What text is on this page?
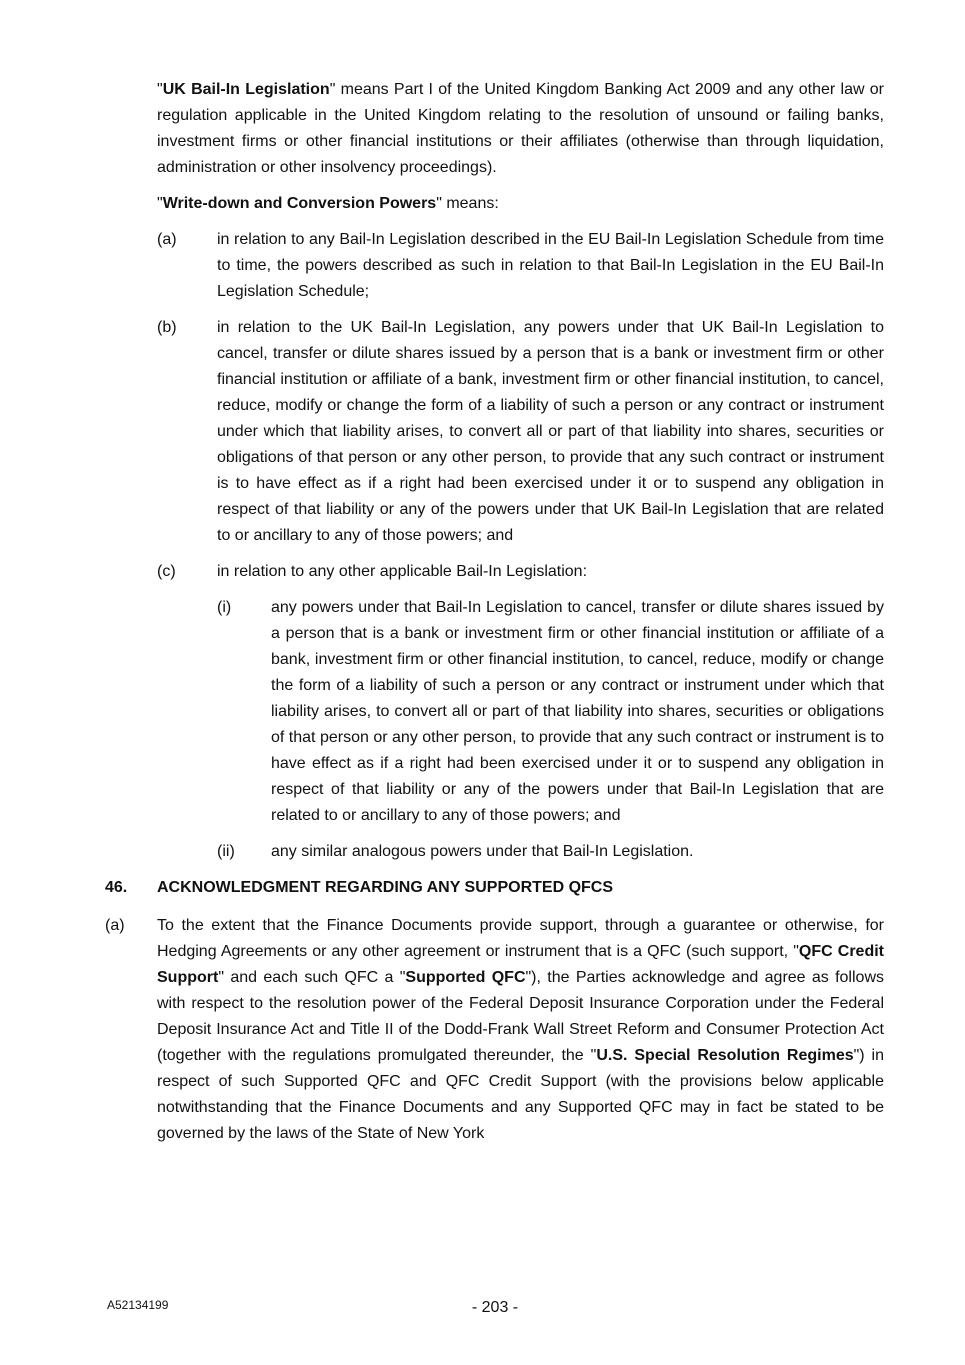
"UK Bail-In Legislation" means Part I of the United Kingdom Banking Act 2009 and any other law or regulation applicable in the United Kingdom relating to the resolution of unsound or failing banks, investment firms or other financial institutions or their affiliates (otherwise than through liquidation, administration or other insolvency proceedings).
"Write-down and Conversion Powers" means:
(a)	in relation to any Bail-In Legislation described in the EU Bail-In Legislation Schedule from time to time, the powers described as such in relation to that Bail-In Legislation in the EU Bail-In Legislation Schedule;
(b)	in relation to the UK Bail-In Legislation, any powers under that UK Bail-In Legislation to cancel, transfer or dilute shares issued by a person that is a bank or investment firm or other financial institution or affiliate of a bank, investment firm or other financial institution, to cancel, reduce, modify or change the form of a liability of such a person or any contract or instrument under which that liability arises, to convert all or part of that liability into shares, securities or obligations of that person or any other person, to provide that any such contract or instrument is to have effect as if a right had been exercised under it or to suspend any obligation in respect of that liability or any of the powers under that UK Bail-In Legislation that are related to or ancillary to any of those powers; and
(c)	in relation to any other applicable Bail-In Legislation:
(i) any powers under that Bail-In Legislation to cancel, transfer or dilute shares issued by a person that is a bank or investment firm or other financial institution or affiliate of a bank, investment firm or other financial institution, to cancel, reduce, modify or change the form of a liability of such a person or any contract or instrument under which that liability arises, to convert all or part of that liability into shares, securities or obligations of that person or any other person, to provide that any such contract or instrument is to have effect as if a right had been exercised under it or to suspend any obligation in respect of that liability or any of the powers under that Bail-In Legislation that are related to or ancillary to any of those powers; and
(ii) any similar analogous powers under that Bail-In Legislation.
46. ACKNOWLEDGMENT REGARDING ANY SUPPORTED QFCS
(a) To the extent that the Finance Documents provide support, through a guarantee or otherwise, for Hedging Agreements or any other agreement or instrument that is a QFC (such support, "QFC Credit Support" and each such QFC a "Supported QFC"), the Parties acknowledge and agree as follows with respect to the resolution power of the Federal Deposit Insurance Corporation under the Federal Deposit Insurance Act and Title II of the Dodd-Frank Wall Street Reform and Consumer Protection Act (together with the regulations promulgated thereunder, the "U.S. Special Resolution Regimes") in respect of such Supported QFC and QFC Credit Support (with the provisions below applicable notwithstanding that the Finance Documents and any Supported QFC may in fact be stated to be governed by the laws of the State of New York
A52134199	- 203 -
